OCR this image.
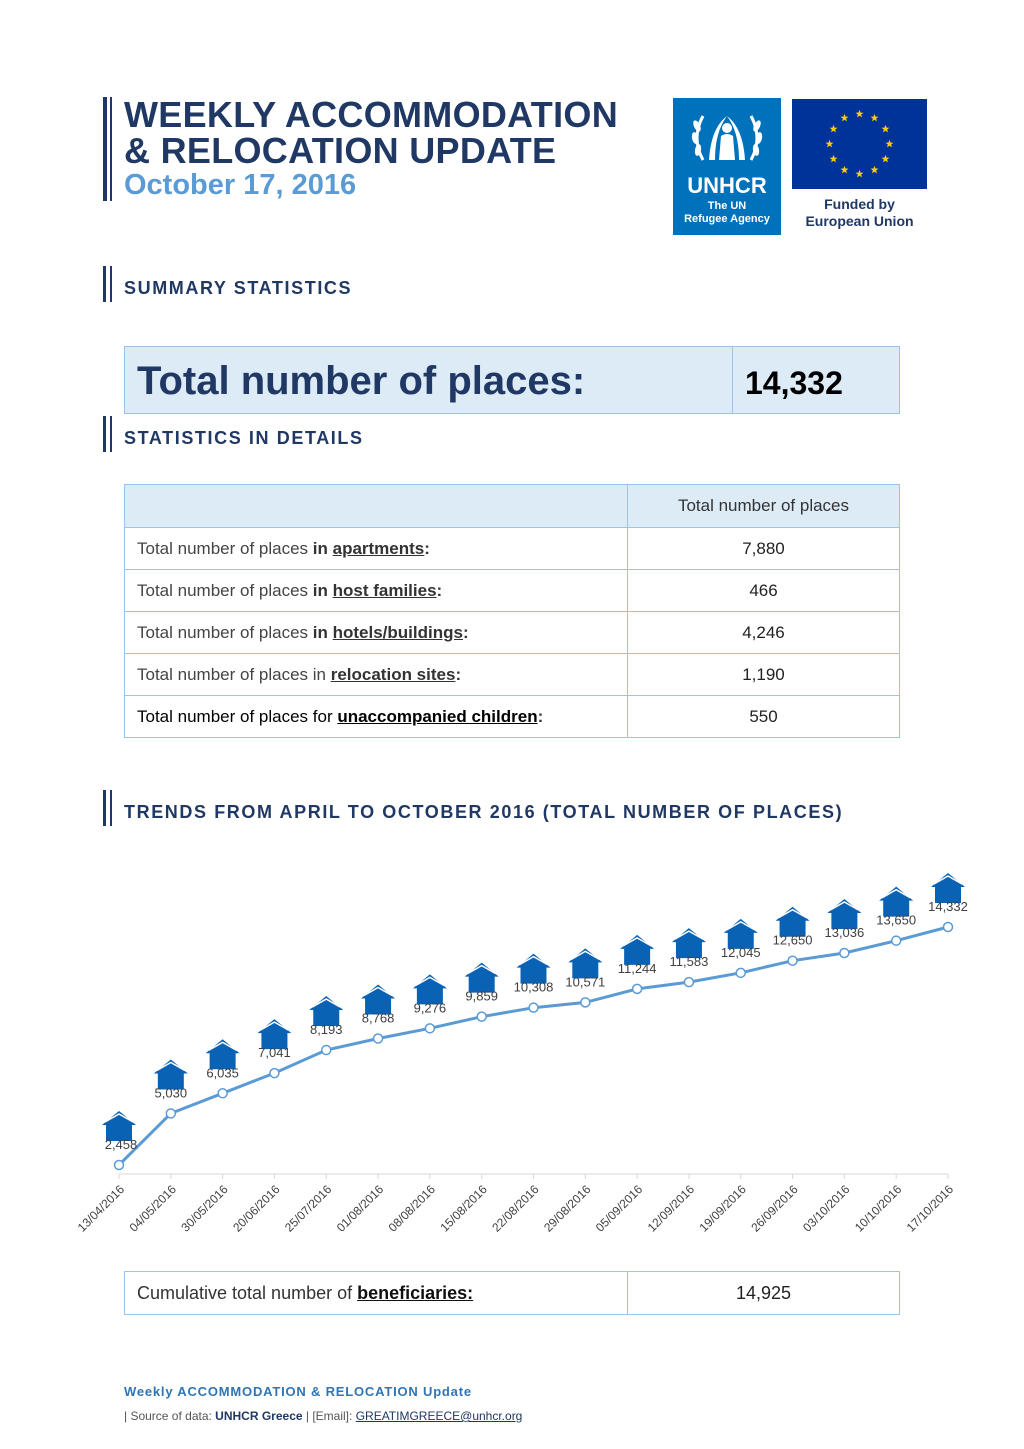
WEEKLY ACCOMMODATION
& RELOCATION UPDATE
October 17, 2016	UNHCR
The UN
Refugee Agency
Funded by
European Union
SUMMARY STATISTICS
Total number of places:	14,332
STATISTICS IN DETAILS
	Total number of places
Total number of places in apartments:	7,880
Total number of places in host families:	466
Total number of places in hotels/buildings:	4,246
Total number of places in relocation sites:	1,190
Total number of places for unaccompanied children:	550
TRENDS FROM APRIL TO OCTOBER 2016 (TOTAL NUMBER OF PLACES)
2,458
13/04/2016
5,030
04/05/2016
6,035
30/05/2016
7,041
20/06/2016
8,193
25/07/2016
8,768
01/08/2016
9,276
08/08/2016
9,859
15/08/2016
10,308
22/08/2016
10,571
29/08/2016
11,244
05/09/2016
11,583
12/09/2016
12,045
19/09/2016
12,650
26/09/2016
13,036
03/10/2016
13,650
10/10/2016
14,332
17/10/2016
Cumulative total number of beneficiaries:	14,925
Weekly ACCOMMODATION & RELOCATION Update
| Source of data: UNHCR Greece | [Email]: GREATIMGREECE@unhcr.org
